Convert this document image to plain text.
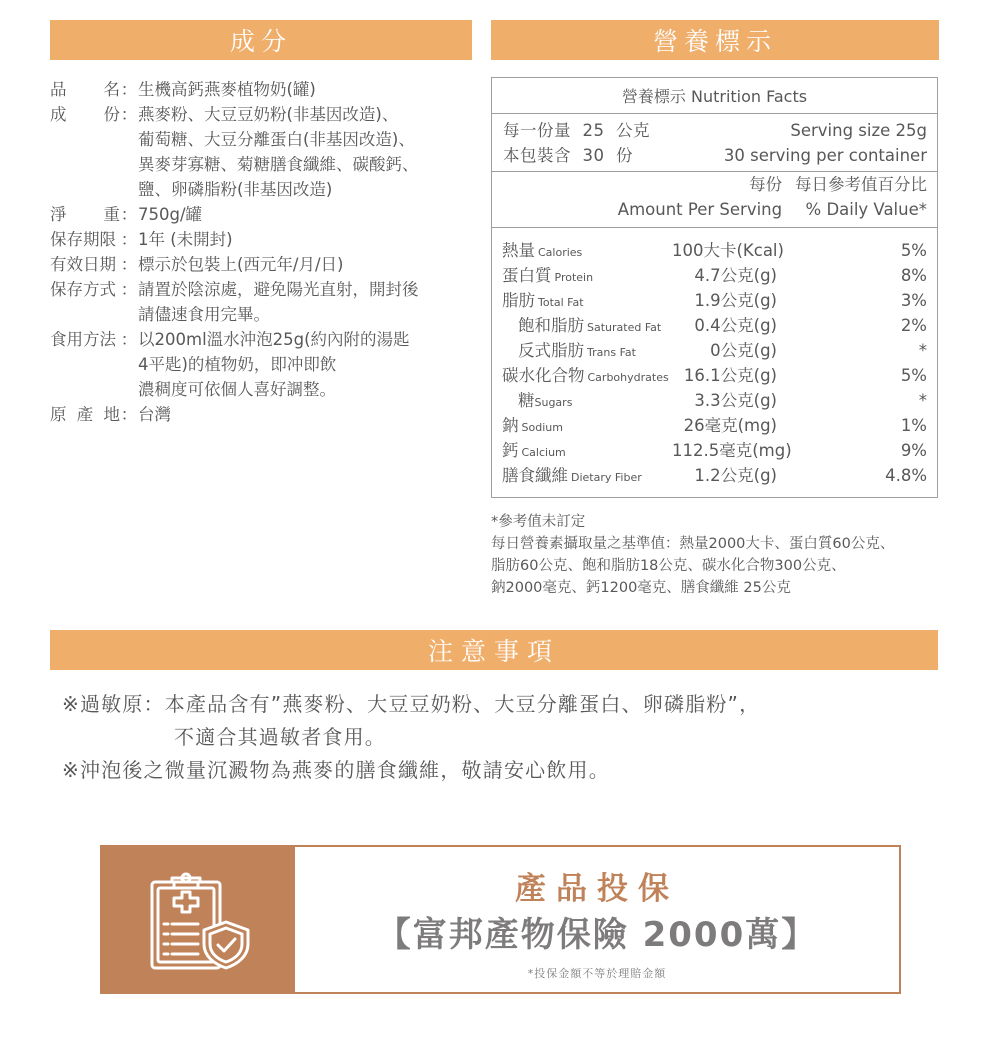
成分	營養標示
品 名 ： 生機高鈣燕麥植物奶(罐)
成 份 ： 燕麥粉、大豆豆奶粉(非基因改造)、
葡萄糖、大豆分離蛋白(非基因改造)、
異麥芽寡糖、菊糖膳食纖維、碳酸鈣、
鹽、卵磷脂粉(非基因改造)
淨 重 ： 750g/罐
保存期限 ： 1年 (未開封)
有效日期 ： 標示於包裝上(西元年/月/日)
保存方式 ： 請置於陰涼處，避免陽光直射，開封後
請儘速食用完畢。
食用方法 ： 以200ml溫水沖泡25g(約內附的湯匙
4平匙)的植物奶，即冲即飲
濃稠度可依個人喜好調整。
原 產 地 ： 台灣
營養標示 Nutrition Facts
每一份量  25  公克	Serving size 25g
本包裝含  30  份	30 serving per container
每份 每日參考值百分比
Amount Per Serving	% Daily Value*
熱量 Calories	100大卡(Kcal)	5%
蛋白質 Protein	4.7公克(g)	8%
脂肪 Total Fat	1.9公克(g)	3%
飽和脂肪 Saturated Fat	0.4公克(g)	2%
反式脂肪 Trans Fat	0公克(g)	*
碳水化合物 Carbohydrates 16.1公克(g)	5%
糖Sugars	3.3公克(g)	*
鈉 Sodium	26毫克(mg)	1%
鈣 Calcium	112.5毫克(mg)	9%
膳食纖維 Dietary Fiber	1.2公克(g)	4.8%
*參考值未訂定
每日營養素攝取量之基準值：熱量2000大卡、蛋白質60公克、
脂肪60公克、飽和脂肪18公克、碳水化合物300公克、
鈉2000毫克、鈣1200毫克、膳食纖維 25公克
注意事項
※過敏原：本產品含有”燕麥粉、大豆豆奶粉、大豆分離蛋白、卵磷脂粉”，
不適合其過敏者食用。
※沖泡後之微量沉澱物為燕麥的膳食纖維，敬請安心飲用。
產品投保
【富邦產物保險 2000萬】
*投保金額不等於理賠金額
